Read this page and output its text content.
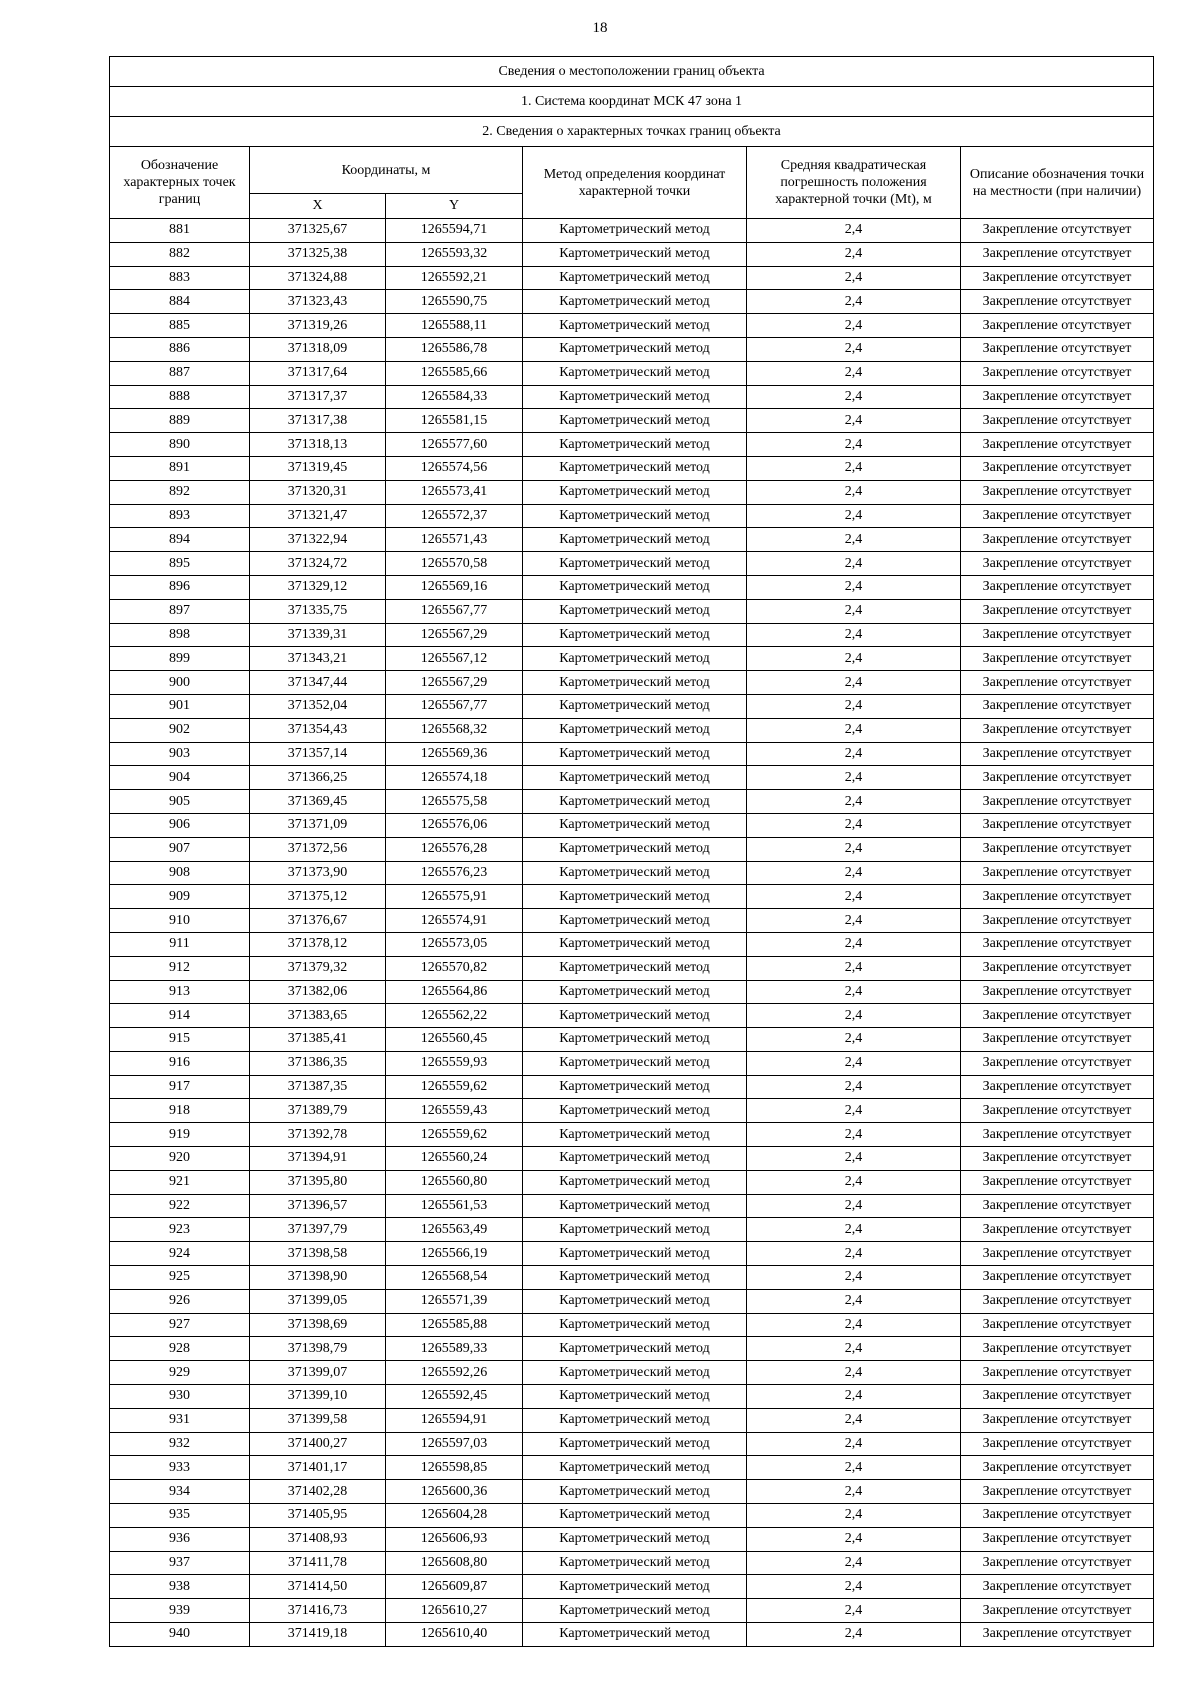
18
Сведения о местоположении границ объекта					
1. Система координат МСК 47 зона 1					
2. Сведения о характерных точках границ объекта					
Обозначение характерных точек границ	Координаты, м		Метод определения координат характерной точки	Средняя квадратическая погрешность положения характерной точки (Mt), м	Описание обозначения точки на местности (при наличии)
	X	Y			
881	371325,67	1265594,71	Картометрический метод	2,4	Закрепление отсутствует
882	371325,38	1265593,32	Картометрический метод	2,4	Закрепление отсутствует
883	371324,88	1265592,21	Картометрический метод	2,4	Закрепление отсутствует
884	371323,43	1265590,75	Картометрический метод	2,4	Закрепление отсутствует
885	371319,26	1265588,11	Картометрический метод	2,4	Закрепление отсутствует
886	371318,09	1265586,78	Картометрический метод	2,4	Закрепление отсутствует
887	371317,64	1265585,66	Картометрический метод	2,4	Закрепление отсутствует
888	371317,37	1265584,33	Картометрический метод	2,4	Закрепление отсутствует
889	371317,38	1265581,15	Картометрический метод	2,4	Закрепление отсутствует
890	371318,13	1265577,60	Картометрический метод	2,4	Закрепление отсутствует
891	371319,45	1265574,56	Картометрический метод	2,4	Закрепление отсутствует
892	371320,31	1265573,41	Картометрический метод	2,4	Закрепление отсутствует
893	371321,47	1265572,37	Картометрический метод	2,4	Закрепление отсутствует
894	371322,94	1265571,43	Картометрический метод	2,4	Закрепление отсутствует
895	371324,72	1265570,58	Картометрический метод	2,4	Закрепление отсутствует
896	371329,12	1265569,16	Картометрический метод	2,4	Закрепление отсутствует
897	371335,75	1265567,77	Картометрический метод	2,4	Закрепление отсутствует
898	371339,31	1265567,29	Картометрический метод	2,4	Закрепление отсутствует
899	371343,21	1265567,12	Картометрический метод	2,4	Закрепление отсутствует
900	371347,44	1265567,29	Картометрический метод	2,4	Закрепление отсутствует
901	371352,04	1265567,77	Картометрический метод	2,4	Закрепление отсутствует
902	371354,43	1265568,32	Картометрический метод	2,4	Закрепление отсутствует
903	371357,14	1265569,36	Картометрический метод	2,4	Закрепление отсутствует
904	371366,25	1265574,18	Картометрический метод	2,4	Закрепление отсутствует
905	371369,45	1265575,58	Картометрический метод	2,4	Закрепление отсутствует
906	371371,09	1265576,06	Картометрический метод	2,4	Закрепление отсутствует
907	371372,56	1265576,28	Картометрический метод	2,4	Закрепление отсутствует
908	371373,90	1265576,23	Картометрический метод	2,4	Закрепление отсутствует
909	371375,12	1265575,91	Картометрический метод	2,4	Закрепление отсутствует
910	371376,67	1265574,91	Картометрический метод	2,4	Закрепление отсутствует
911	371378,12	1265573,05	Картометрический метод	2,4	Закрепление отсутствует
912	371379,32	1265570,82	Картометрический метод	2,4	Закрепление отсутствует
913	371382,06	1265564,86	Картометрический метод	2,4	Закрепление отсутствует
914	371383,65	1265562,22	Картометрический метод	2,4	Закрепление отсутствует
915	371385,41	1265560,45	Картометрический метод	2,4	Закрепление отсутствует
916	371386,35	1265559,93	Картометрический метод	2,4	Закрепление отсутствует
917	371387,35	1265559,62	Картометрический метод	2,4	Закрепление отсутствует
918	371389,79	1265559,43	Картометрический метод	2,4	Закрепление отсутствует
919	371392,78	1265559,62	Картометрический метод	2,4	Закрепление отсутствует
920	371394,91	1265560,24	Картометрический метод	2,4	Закрепление отсутствует
921	371395,80	1265560,80	Картометрический метод	2,4	Закрепление отсутствует
922	371396,57	1265561,53	Картометрический метод	2,4	Закрепление отсутствует
923	371397,79	1265563,49	Картометрический метод	2,4	Закрепление отсутствует
924	371398,58	1265566,19	Картометрический метод	2,4	Закрепление отсутствует
925	371398,90	1265568,54	Картометрический метод	2,4	Закрепление отсутствует
926	371399,05	1265571,39	Картометрический метод	2,4	Закрепление отсутствует
927	371398,69	1265585,88	Картометрический метод	2,4	Закрепление отсутствует
928	371398,79	1265589,33	Картометрический метод	2,4	Закрепление отсутствует
929	371399,07	1265592,26	Картометрический метод	2,4	Закрепление отсутствует
930	371399,10	1265592,45	Картометрический метод	2,4	Закрепление отсутствует
931	371399,58	1265594,91	Картометрический метод	2,4	Закрепление отсутствует
932	371400,27	1265597,03	Картометрический метод	2,4	Закрепление отсутствует
933	371401,17	1265598,85	Картометрический метод	2,4	Закрепление отсутствует
934	371402,28	1265600,36	Картометрический метод	2,4	Закрепление отсутствует
935	371405,95	1265604,28	Картометрический метод	2,4	Закрепление отсутствует
936	371408,93	1265606,93	Картометрический метод	2,4	Закрепление отсутствует
937	371411,78	1265608,80	Картометрический метод	2,4	Закрепление отсутствует
938	371414,50	1265609,87	Картометрический метод	2,4	Закрепление отсутствует
939	371416,73	1265610,27	Картометрический метод	2,4	Закрепление отсутствует
940	371419,18	1265610,40	Картометрический метод	2,4	Закрепление отсутствует
